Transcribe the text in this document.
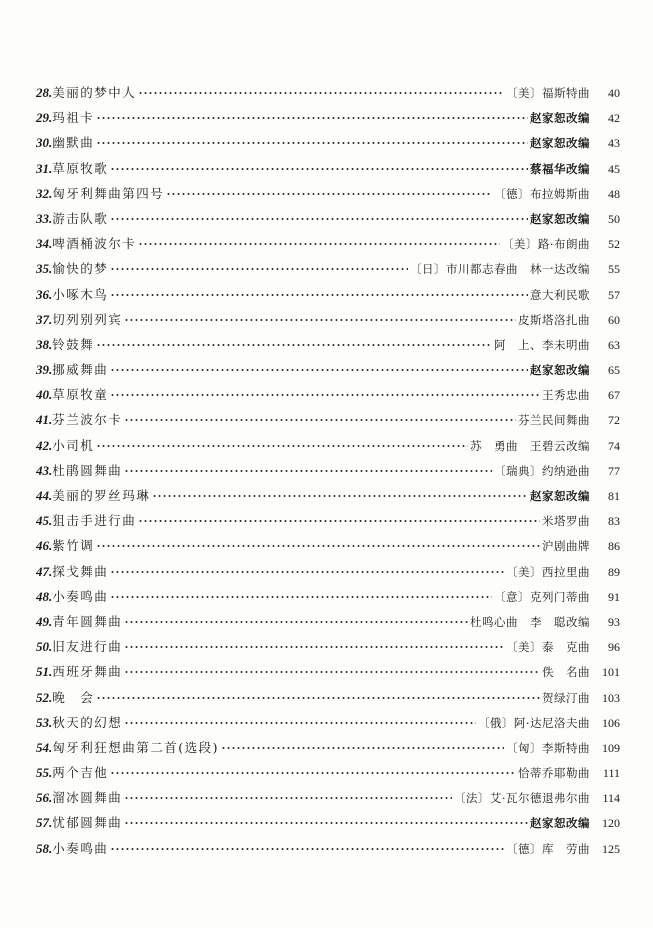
28. 美丽的梦中人	〔美〕福斯特曲	40
29. 玛祖卡	赵家恕改编	42
30. 幽默曲	赵家恕改编	43
31. 草原牧歌	蔡福华改编	45
32. 匈牙利舞曲第四号	〔德〕布拉姆斯曲	48
33. 游击队歌	赵家恕改编	50
34. 啤酒桶波尔卡	〔美〕路·布朗曲	52
35. 愉快的梦	〔日〕市川都志春曲　林一达改编	55
36. 小啄木鸟	意大利民歌	57
37. 切列别列宾	皮斯塔洛扎曲	60
38. 铃鼓舞	阿　上、李未明曲	63
39. 挪威舞曲	赵家恕改编	65
40. 草原牧童	王秀忠曲	67
41. 芬兰波尔卡	芬兰民间舞曲	72
42. 小司机	苏　勇曲　王碧云改编	74
43. 杜鹃圆舞曲	〔瑞典〕约纳逊曲	77
44. 美丽的罗丝玛琳	赵家恕改编	81
45. 狙击手进行曲	米塔罗曲	83
46. 紫竹调	沪剧曲牌	86
47. 探戈舞曲	〔美〕西拉里曲	89
48. 小奏鸣曲	〔意〕克列门蒂曲	91
49. 青年圆舞曲	杜鸣心曲　李　聪改编	93
50. 旧友进行曲	〔美〕泰　克曲	96
51. 西班牙舞曲	佚　名曲	101
52. 晚　会	贺绿汀曲	103
53. 秋天的幻想	〔俄〕阿·达尼洛夫曲	106
54. 匈牙利狂想曲第二首(选段)	〔匈〕李斯特曲	109
55. 两个吉他	恰蒂乔耶勒曲	111
56. 溜冰圆舞曲	〔法〕艾·瓦尔德退弗尔曲	114
57. 忧郁圆舞曲	赵家恕改编	120
58. 小奏鸣曲	〔德〕库　劳曲	125
